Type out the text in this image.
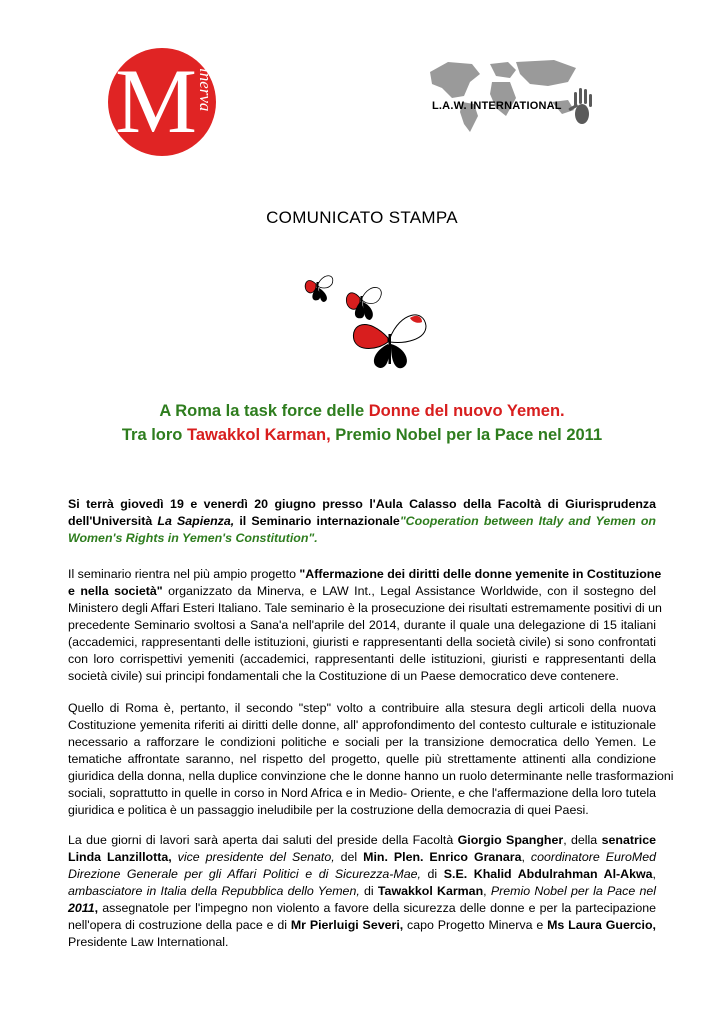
M inerva	L.A.W. INTERNATIONAL
COMUNICATO STAMPA
A Roma la task force delle Donne del nuovo Yemen.
Tra loro Tawakkol Karman, Premio Nobel per la Pace nel 2011
Si terrà giovedì 19 e venerdì 20 giugno presso l'Aula Calasso della Facoltà di Giurisprudenza
dell'Università La Sapienza, il Seminario internazionale"Cooperation between Italy and Yemen on
Women's Rights in Yemen's Constitution".
Il seminario rientra nel più ampio progetto "Affermazione dei diritti delle donne yemenite in Costituzione
e nella società" organizzato da Minerva, e LAW Int., Legal Assistance Worldwide, con il sostegno del
Ministero degli Affari Esteri Italiano. Tale seminario è la prosecuzione dei risultati estremamente positivi di un
precedente Seminario svoltosi a Sana'a nell'aprile del 2014, durante il quale una delegazione di 15 italiani
(accademici, rappresentanti delle istituzioni, giuristi e rappresentanti della società civile) si sono confrontati
con loro corrispettivi yemeniti (accademici, rappresentanti delle istituzioni, giuristi e rappresentanti della
società civile) sui principi fondamentali che la Costituzione di un Paese democratico deve contenere.
Quello di Roma è, pertanto, il secondo "step" volto a contribuire alla stesura degli articoli della nuova
Costituzione yemenita riferiti ai diritti delle donne, all' approfondimento del contesto culturale e istituzionale
necessario a rafforzare le condizioni politiche e sociali per la transizione democratica dello Yemen. Le
tematiche affrontate saranno, nel rispetto del progetto, quelle più strettamente attinenti alla condizione
giuridica della donna, nella duplice convinzione che le donne hanno un ruolo determinante nelle trasformazioni
sociali, soprattutto in quelle in corso in Nord Africa e in Medio- Oriente, e che l'affermazione della loro tutela
giuridica e politica è un passaggio ineludibile per la costruzione della democrazia di quei Paesi.
La due giorni di lavori sarà aperta dai saluti del preside della Facoltà Giorgio Spangher, della senatrice
Linda Lanzillotta, vice presidente del Senato, del Min. Plen. Enrico Granara, coordinatore EuroMed
Direzione Generale per gli Affari Politici e di Sicurezza-Mae, di S.E. Khalid Abdulrahman Al-Akwa,
ambasciatore in Italia della Repubblica dello Yemen, di Tawakkol Karman, Premio Nobel per la Pace nel
2011, assegnatole per l'impegno non violento a favore della sicurezza delle donne e per la partecipazione
nell'opera di costruzione della pace e di Mr Pierluigi Severi, capo Progetto Minerva e Ms Laura Guercio,
Presidente Law International.
